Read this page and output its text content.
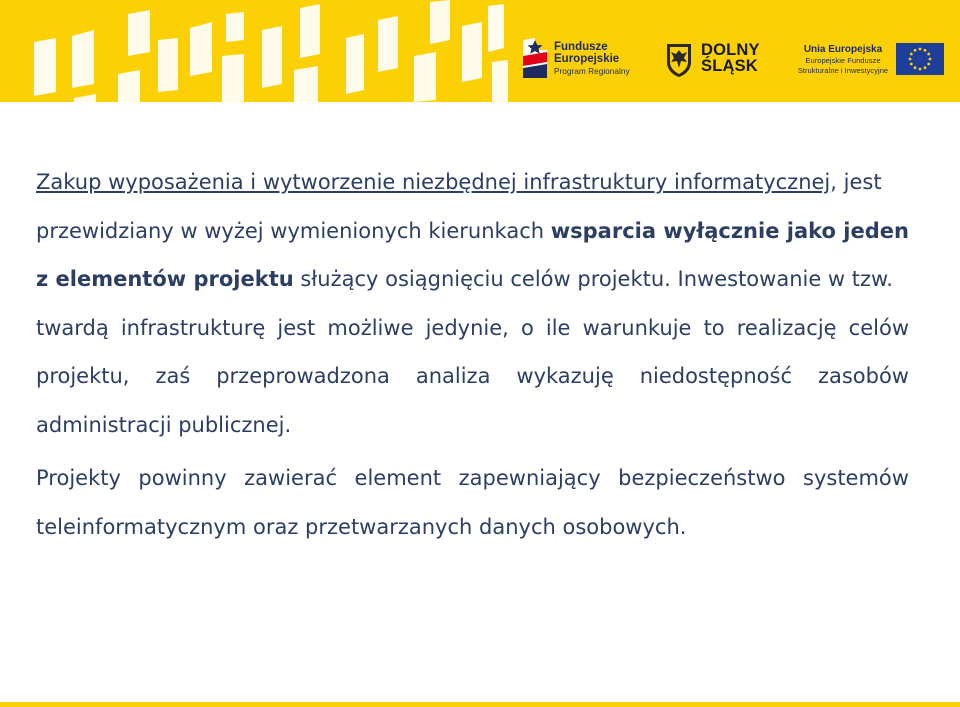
Fundusze
Europejskie
Program Regionalny
DOLNY
ŚLĄSK
Unia Europejska
Europejskie Fundusze
Strukturalne i Inwestycyjne
Zakup wyposażenia i wytworzenie niezbędnej infrastruktury informatycznej, jest
przewidziany w wyżej wymienionych kierunkach wsparcia wyłącznie jako jeden
z elementów projektu służący osiągnięciu celów projektu. Inwestowanie w tzw.
twardą infrastrukturę jest możliwe jedynie, o ile warunkuje to realizację celów
projektu, zaś przeprowadzona analiza wykazuję niedostępność zasobów
administracji publicznej.
Projekty powinny zawierać element zapewniający bezpieczeństwo systemów
teleinformatycznym oraz przetwarzanych danych osobowych.
